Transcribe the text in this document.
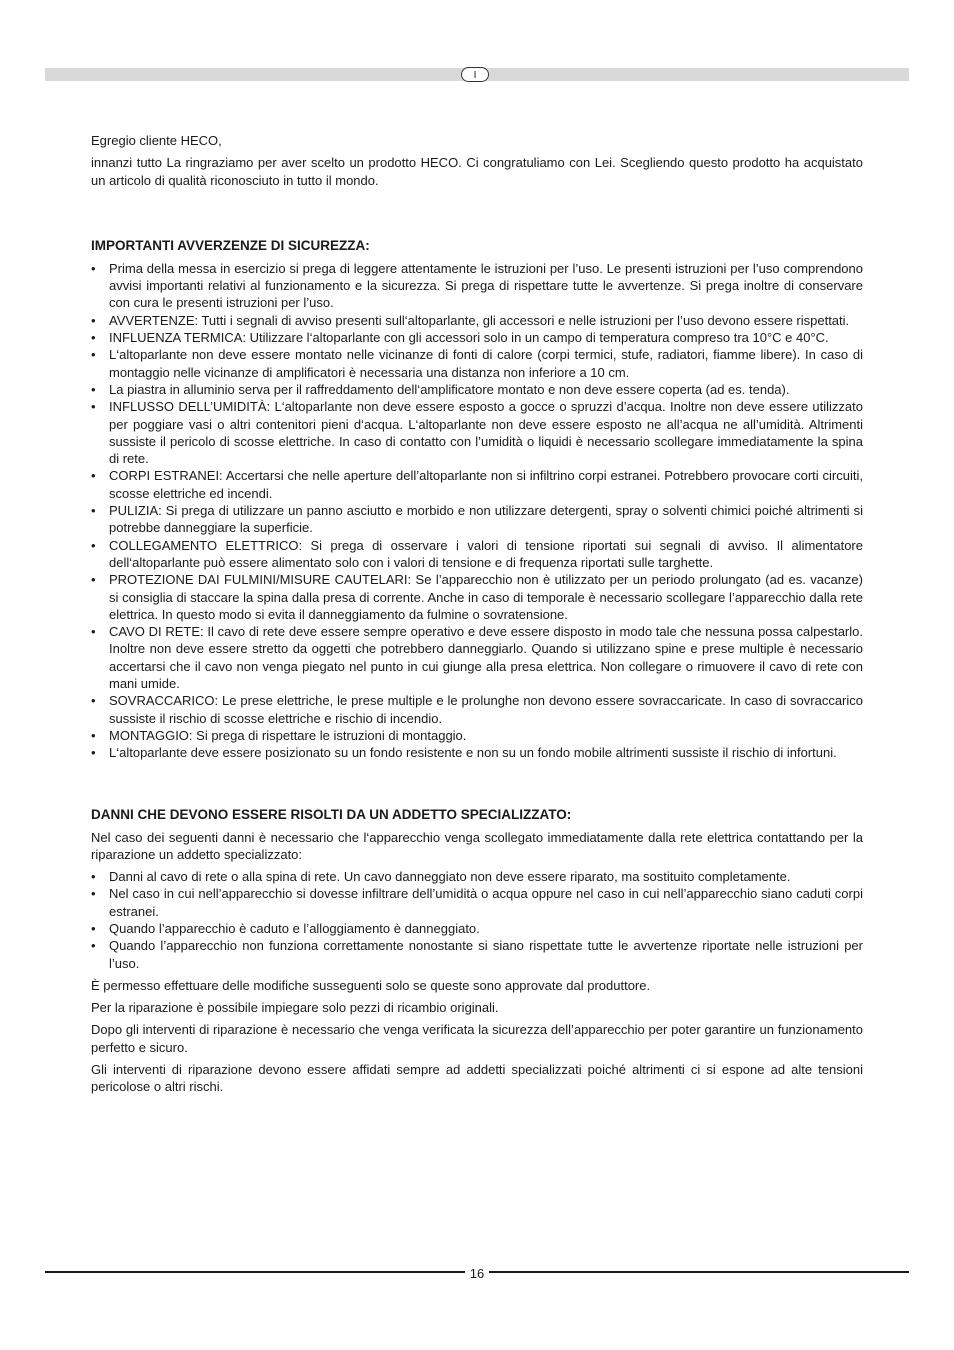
I

Egregio cliente HECO,

innanzi tutto La ringraziamo per aver scelto un prodotto HECO. Ci congratuliamo con Lei. Scegliendo questo prodotto ha acquistato un articolo di qualità riconosciuto in tutto il mondo.

IMPORTANTI AVVERZENZE DI SICUREZZA:
• Prima della messa in esercizio si prega di leggere attentamente le istruzioni per l’uso. Le presenti istruzioni per l’uso comprendono avvisi importanti relativi al funzionamento e la sicurezza. Si prega di rispettare tutte le avvertenze. Si prega inoltre di conservare con cura le presenti istruzioni per l’uso.
• AVVERTENZE: Tutti i segnali di avviso presenti sull‘altoparlante, gli accessori e nelle istruzioni per l’uso devono essere rispettati.
• INFLUENZA TERMICA: Utilizzare l‘altoparlante con gli accessori solo in un campo di temperatura compreso tra 10°C e 40°C.
• L‘altoparlante non deve essere montato nelle vicinanze di fonti di calore (corpi termici, stufe, radiatori, fiamme libere). In caso di montaggio nelle vicinanze di amplificatori è necessaria una distanza non inferiore a 10 cm.
• La piastra in alluminio serva per il raffreddamento dell‘amplificatore montato e non deve essere coperta (ad es. tenda).
• INFLUSSO DELL’UMIDITÀ: L‘altoparlante non deve essere esposto a gocce o spruzzi d’acqua. Inoltre non deve essere utilizzato per poggiare vasi o altri contenitori pieni d‘acqua. L‘altoparlante non deve essere esposto ne all’acqua ne all’umidità. Altrimenti sussiste il pericolo di scosse elettriche. In caso di contatto con l’umidità o liquidi è necessario scollegare immediatamente la spina di rete.
• CORPI ESTRANEI: Accertarsi che nelle aperture dell’altoparlante non si infiltrino corpi estranei. Potrebbero provocare corti circuiti, scosse elettriche ed incendi.
• PULIZIA: Si prega di utilizzare un panno asciutto e morbido e non utilizzare detergenti, spray o solventi chimici poiché altrimenti si potrebbe danneggiare la superficie.
• COLLEGAMENTO ELETTRICO: Si prega di osservare i valori di tensione riportati sui segnali di avviso. Il alimentatore dell‘altoparlante può essere alimentato solo con i valori di tensione e di frequenza riportati sulle targhette.
• PROTEZIONE DAI FULMINI/MISURE CAUTELARI: Se l’apparecchio non è utilizzato per un periodo prolungato (ad es. vacanze) si consiglia di staccare la spina dalla presa di corrente. Anche in caso di temporale è necessario scollegare l’apparecchio dalla rete elettrica. In questo modo si evita il danneggiamento da fulmine o sovratensione.
• CAVO DI RETE: Il cavo di rete deve essere sempre operativo e deve essere disposto in modo tale che nessuna possa calpestarlo. Inoltre non deve essere stretto da oggetti che potrebbero danneggiarlo. Quando si utilizzano spine e prese multiple è necessario accertarsi che il cavo non venga piegato nel punto in cui giunge alla presa elettrica. Non collegare o rimuovere il cavo di rete con mani umide.
• SOVRACCARICO: Le prese elettriche, le prese multiple e le prolunghe non devono essere sovraccaricate. In caso di sovraccarico sussiste il rischio di scosse elettriche e rischio di incendio.
• MONTAGGIO: Si prega di rispettare le istruzioni di montaggio.
• L‘altoparlante deve essere posizionato su un fondo resistente e non su un fondo mobile altrimenti sussiste il rischio di infortuni.
DANNI CHE DEVONO ESSERE RISOLTI DA UN ADDETTO SPECIALIZZATO:

Nel caso dei seguenti danni è necessario che l‘apparecchio venga scollegato immediatamente dalla rete elettrica contattando per la riparazione un addetto specializzato:

• Danni al cavo di rete o alla spina di rete. Un cavo danneggiato non deve essere riparato, ma sostituito completamente.
• Nel caso in cui nell’apparecchio si dovesse infiltrare dell’umidità o acqua oppure nel caso in cui nell’apparecchio siano caduti corpi estranei.
• Quando l’apparecchio è caduto e l’alloggiamento è danneggiato.
• Quando l’apparecchio non funziona correttamente nonostante si siano rispettate tutte le avvertenze riportate nelle istruzioni per l’uso.

È permesso effettuare delle modifiche susseguenti solo se queste sono approvate dal produttore.

Per la riparazione è possibile impiegare solo pezzi di ricambio originali.

Dopo gli interventi di riparazione è necessario che venga verificata la sicurezza dell’apparecchio per poter garantire un funzionamento perfetto e sicuro.

Gli interventi di riparazione devono essere affidati sempre ad addetti specializzati poiché altrimenti ci si espone ad alte tensioni pericolose o altri rischi.

16
